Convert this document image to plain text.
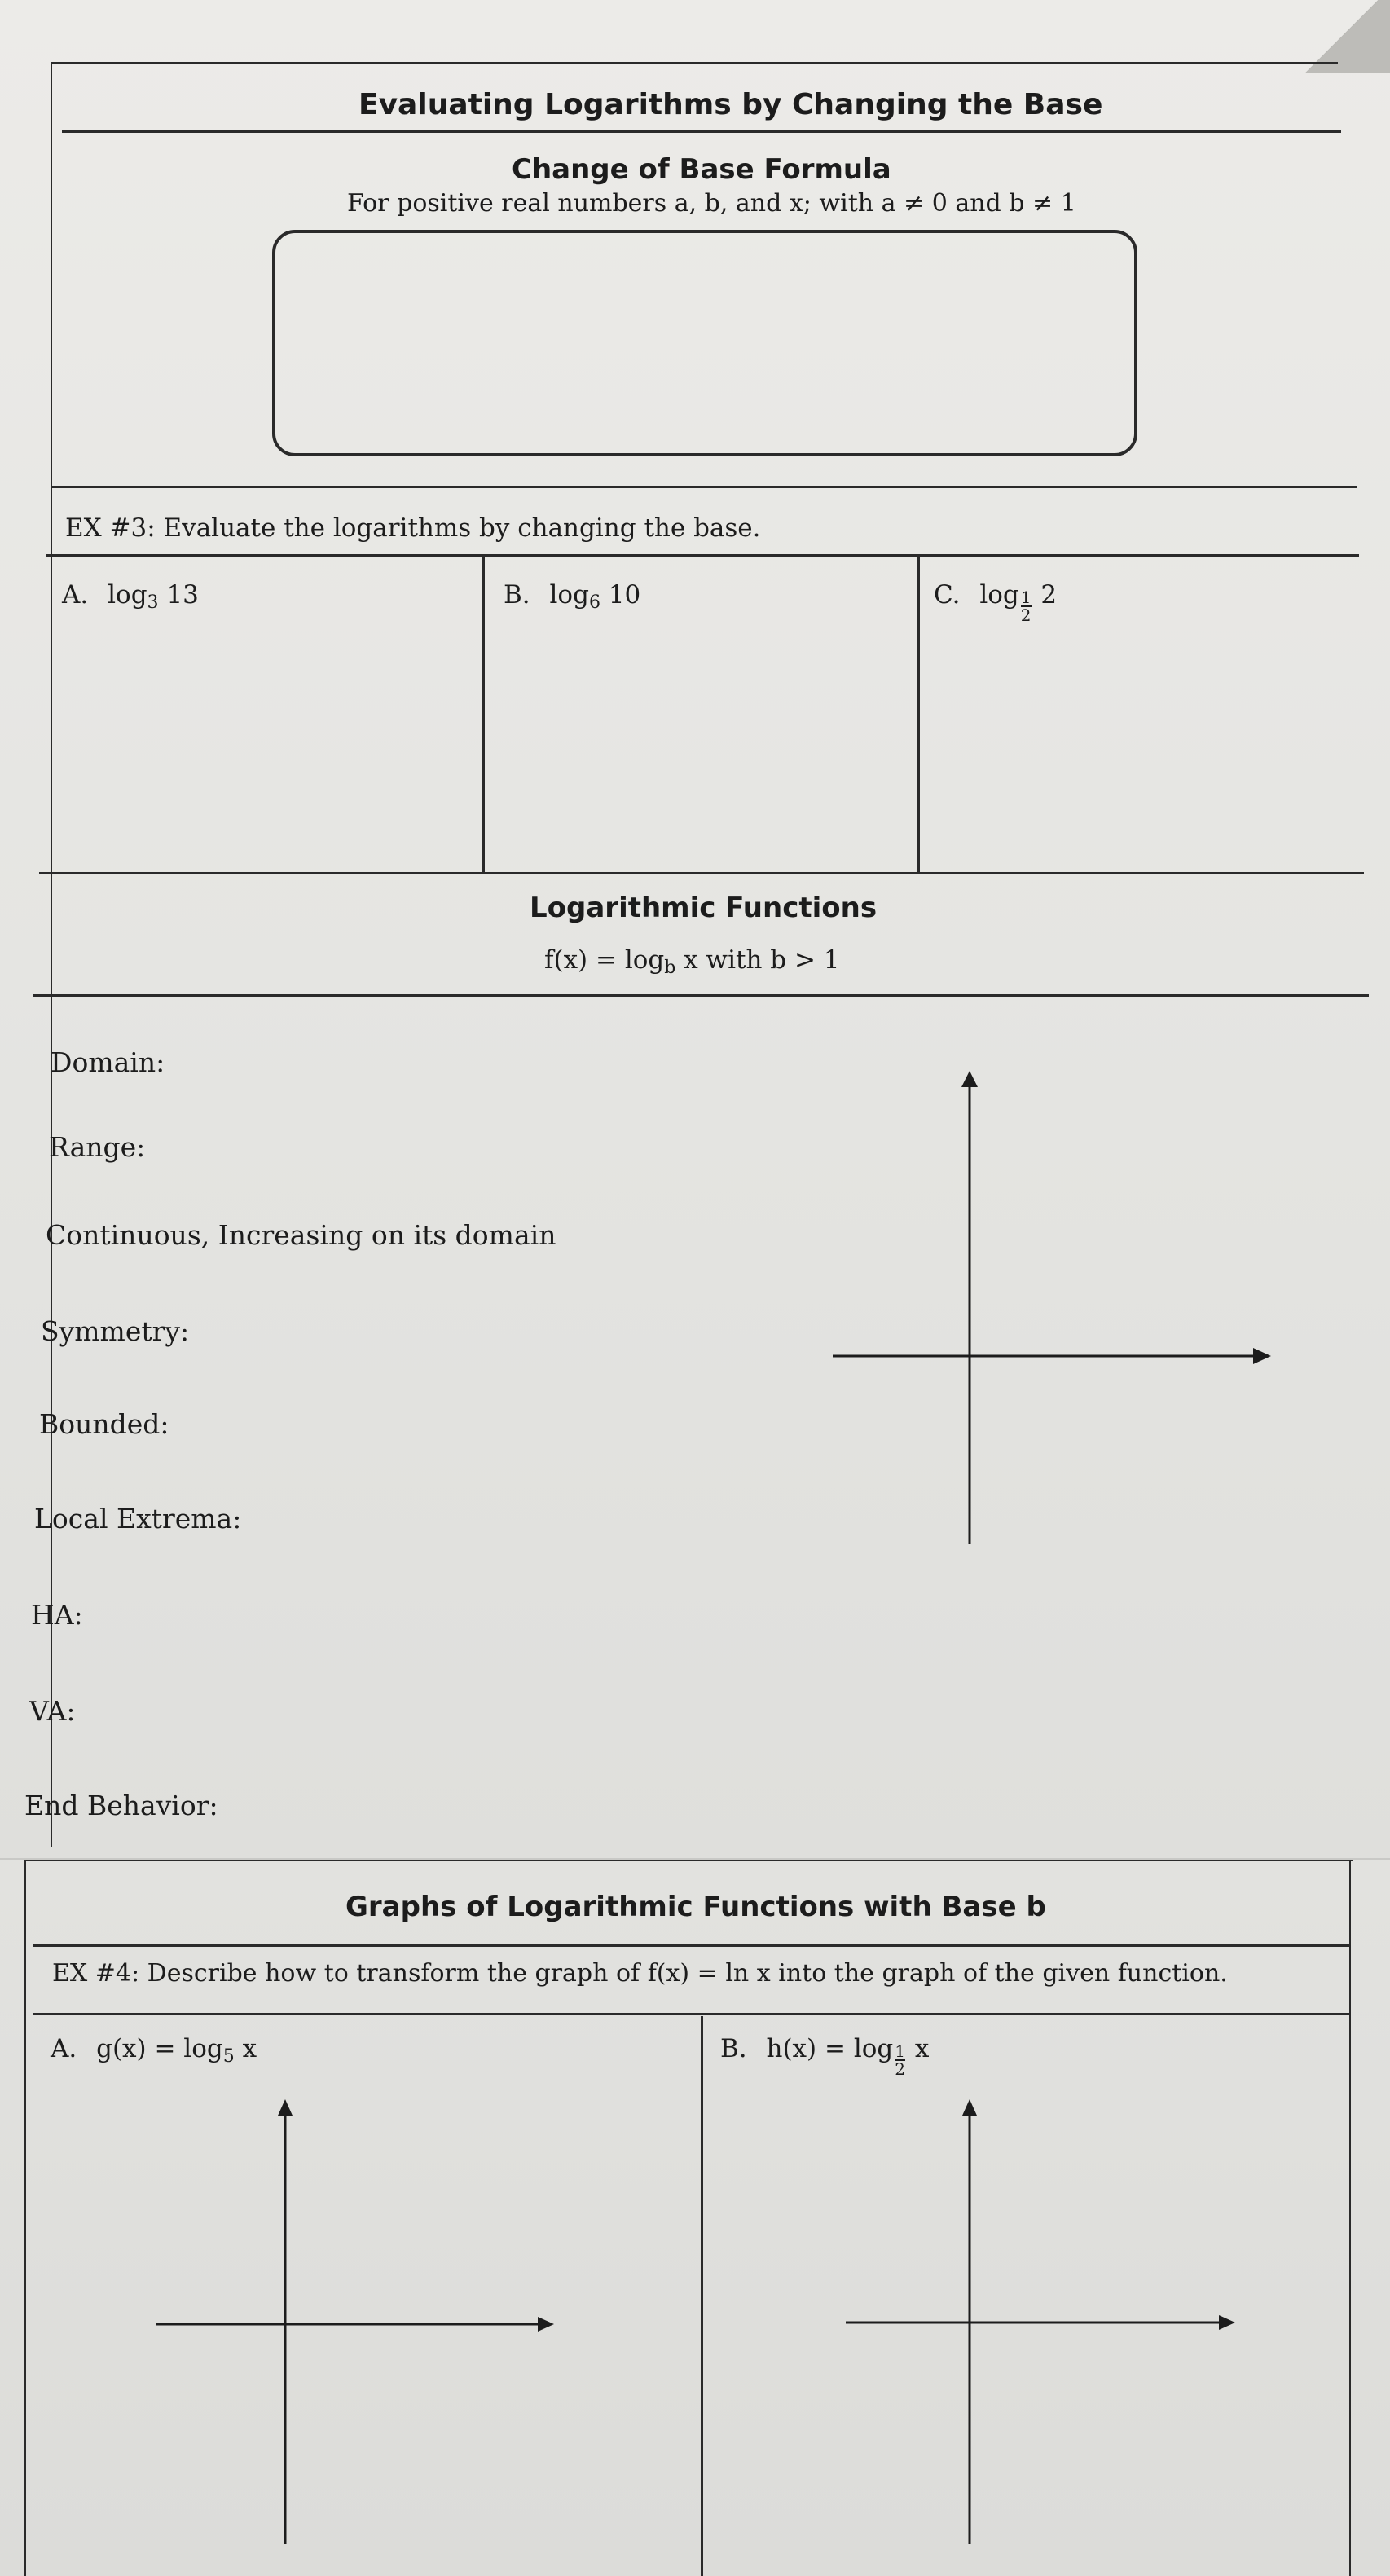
Evaluating Logarithms by Changing the Base
Change of Base Formula
For positive real numbers a, b, and x; with a ≠ 0 and b ≠ 1
EX #3: Evaluate the logarithms by changing the base.
A. $\log_3 13$	B. $\log_6 10$	C. $\log \frac{1}{2} 2$
Logarithmic Functions
$f(x) = \log_b x$ with b > 1
Domain:
Range:
Continuous, Increasing on its domain
Symmetry:
Bounded:
Local Extrema:
HA:
VA:
End Behavior:
Graphs of Logarithmic Functions with Base b
EX #4: Describe how to transform the graph of f(x) = ln x into the graph of the given function.
A. $g(x) = \log_5 x$	B. $h(x) = \log \frac{1}{2}$ x
